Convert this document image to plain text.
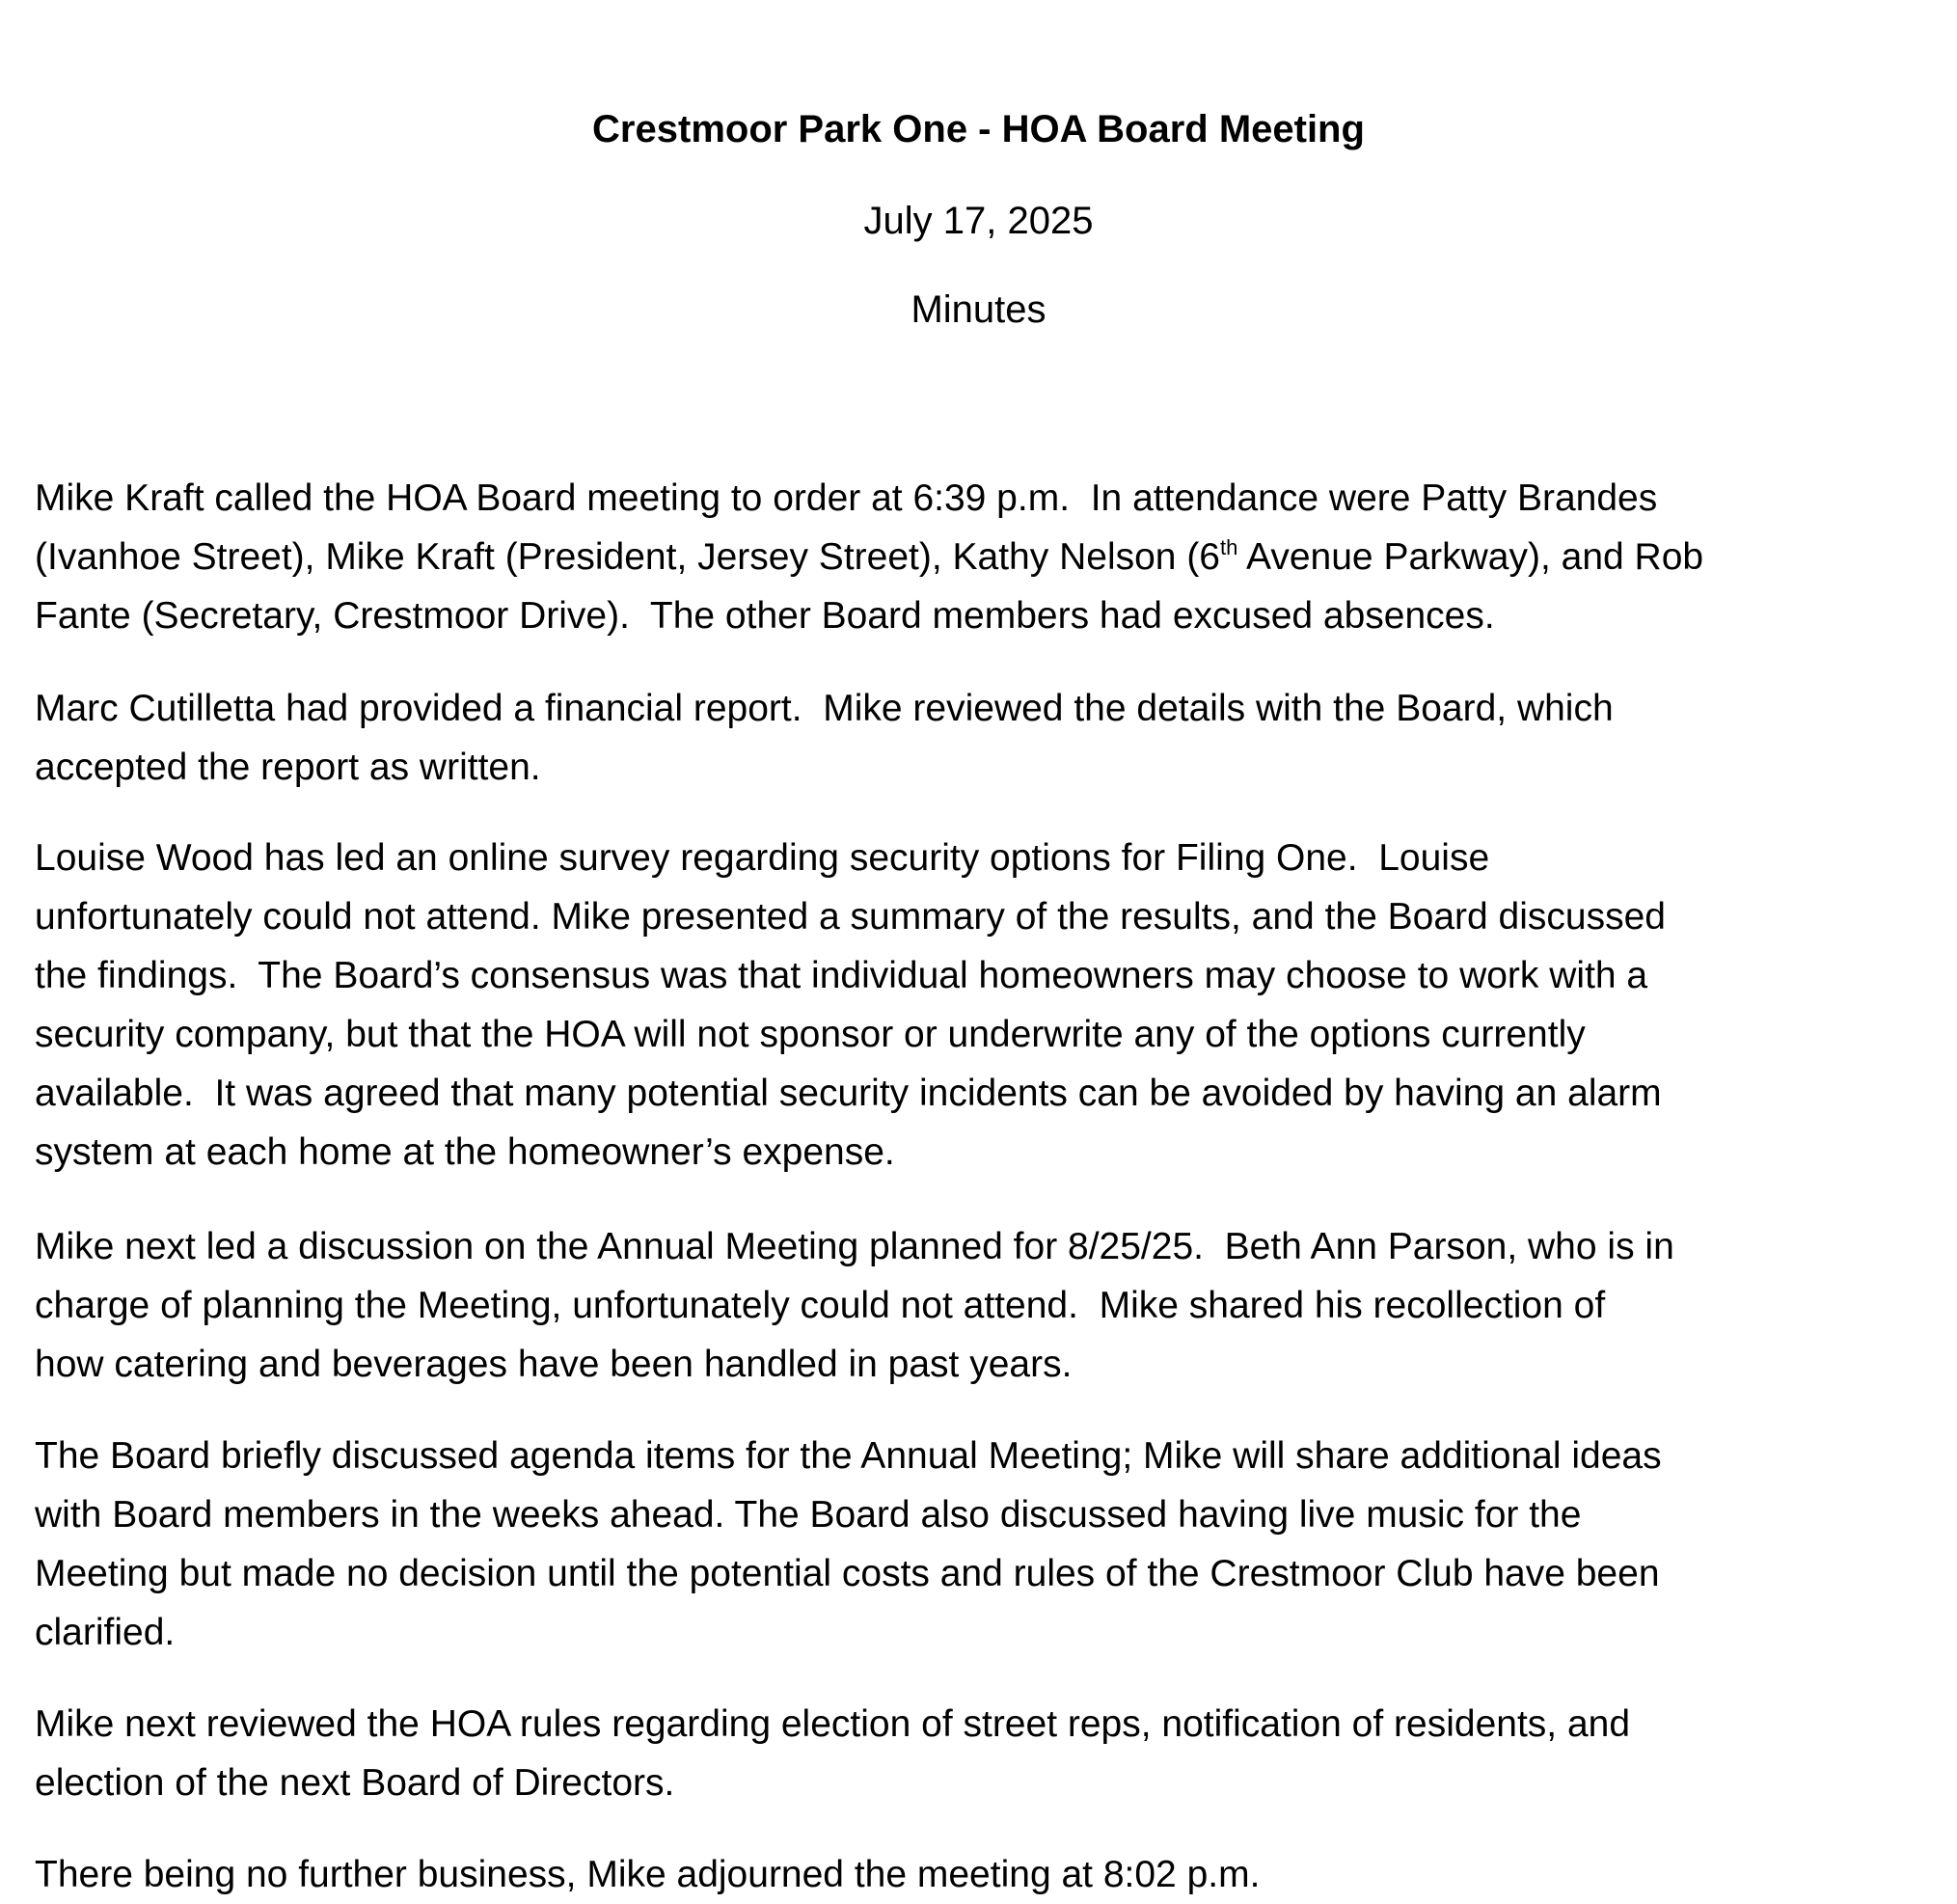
Crestmoor Park One - HOA Board Meeting
July 17, 2025
Minutes
Mike Kraft called the HOA Board meeting to order at 6:39 p.m.  In attendance were Patty Brandes
(Ivanhoe Street), Mike Kraft (President, Jersey Street), Kathy Nelson (6th Avenue Parkway), and Rob
Fante (Secretary, Crestmoor Drive).  The other Board members had excused absences.
Marc Cutilletta had provided a financial report.  Mike reviewed the details with the Board, which
accepted the report as written.
Louise Wood has led an online survey regarding security options for Filing One.  Louise
unfortunately could not attend. Mike presented a summary of the results, and the Board discussed
the findings.  The Board’s consensus was that individual homeowners may choose to work with a
security company, but that the HOA will not sponsor or underwrite any of the options currently
available.  It was agreed that many potential security incidents can be avoided by having an alarm
system at each home at the homeowner’s expense.
Mike next led a discussion on the Annual Meeting planned for 8/25/25.  Beth Ann Parson, who is in
charge of planning the Meeting, unfortunately could not attend.  Mike shared his recollection of
how catering and beverages have been handled in past years.
The Board briefly discussed agenda items for the Annual Meeting; Mike will share additional ideas
with Board members in the weeks ahead. The Board also discussed having live music for the
Meeting but made no decision until the potential costs and rules of the Crestmoor Club have been
clarified.
Mike next reviewed the HOA rules regarding election of street reps, notification of residents, and
election of the next Board of Directors.
There being no further business, Mike adjourned the meeting at 8:02 p.m.
